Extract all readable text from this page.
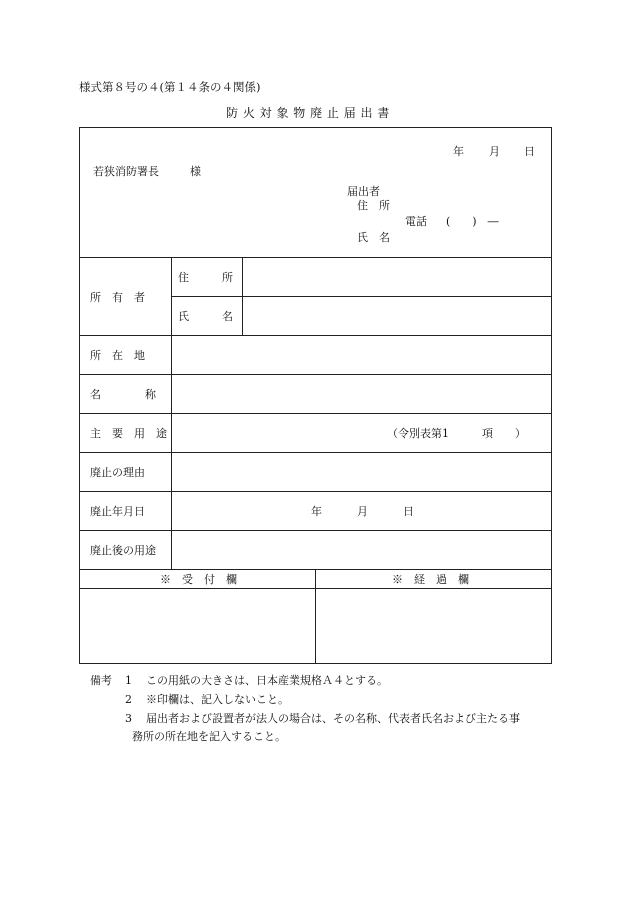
様式第８号の４(第１４条の４関係)
防 火 対 象 物 廃 止 届 出 書
年 月 日
若狭消防署長	様
届出者
住　所
電話 (　　)　―
氏　名
所　有　者
住　　　所
氏　　　名
所　在　地
名　　　　称
主　要　用　途	（令別表第1　　　項　　）
廃止の理由
廃止年月日	年	月	日
廃止後の用途
※　受　付　欄	※　経　過　欄
備考 1 この用紙の大きさは、日本産業規格Ａ４とする。
2 ※印欄は、記入しないこと。
3 届出者および設置者が法人の場合は、その名称、代表者氏名および主たる事
務所の所在地を記入すること。
